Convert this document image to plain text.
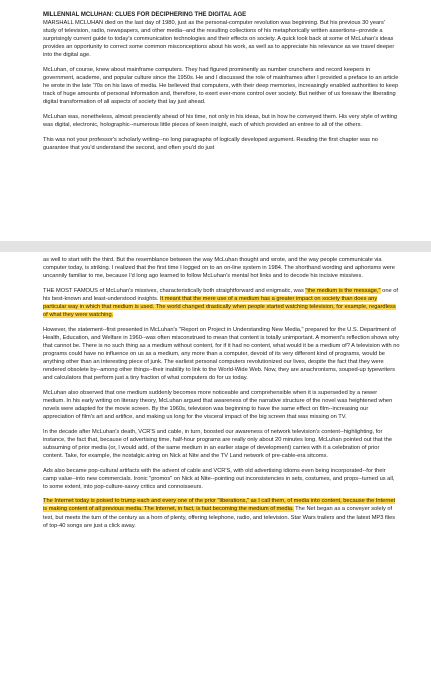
MILLENNIAL MCLUHAN: CLUES FOR DECIPHERING THE DIGITAL AGE

MARSHALL MCLUHAN died on the last day of 1980, just as the personal-computer revolution was beginning. But his previous 30 years' study of television, radio, newspapers, and other media--and the resulting collections of his metaphorically written assertions--provide a surprisingly current guide to today's communication technologies and their effects on society. A quick look back at some of McLuhan's ideas provides an opportunity to correct some common misconceptions about his work, as well as to appreciate his relevance as we travel deeper into the digital age.

McLuhan, of course, knew about mainframe computers. They had figured prominently as number crunchers and record keepers in government, academe, and popular culture since the 1950s. He and I discussed the role of mainframes after I provided a preface to an article he wrote in the late '70s on his laws of media. He believed that computers, with their deep memories, increasingly enabled authorities to keep track of huge amounts of personal information and, therefore, to exert ever-more control over society. But neither of us foresaw the liberating digital transformation of all aspects of society that lay just ahead.

McLuhan was, nonetheless, almost presciently ahead of his time, not only in his ideas, but in how he conveyed them. His very style of writing was digital, electronic, holographic--numerous little pieces of keen insight, each of which provided an entree to all of the others.

This was not your professor's scholarly writing--no long paragraphs of logically developed argument. Reading the first chapter was no guarantee that you'd understand the second, and often you'd do just

as well to start with the third. But the resemblance between the way McLuhan thought and wrote, and the way people communicate via computer today, is striking. I realized that the first time I logged on to an on-line system in 1984. The shorthand wording and aphorisms were uncannily familiar to me, because I'd long ago learned to follow McLuhan's mental hot links and to decode his incisive missives.

THE MOST FAMOUS of McLuhan's missives, characteristically both straightforward and enigmatic, was "the medium is the message," one of his best-known and least-understood insights. It meant that the mere use of a medium has a greater impact on society than does any particular way in which that medium is used. The world changed drastically when people started watching television, for example, regardless of what they were watching.

However, the statement--first presented in McLuhan's "Report on Project in Understanding New Media," prepared for the U.S. Department of Health, Education, and Welfare in 1960--was often misconstrued to mean that content is totally unimportant. A moment's reflection shows why that cannot be. There is no such thing as a medium without content, for if it had no content, what would it be a medium of? A television with no programs could have no influence on us as a medium, any more than a computer, devoid of its very different kind of programs, would be anything other than an interesting piece of junk. The earliest personal computers revolutionized our lives, despite the fact that they were rendered obsolete by--among other things--their inability to link to the World-Wide Web. Now, they are anachronisms, souped-up typewriters and calculators that perform just a tiny fraction of what computers do for us today.

McLuhan also observed that one medium suddenly becomes more noticeable and comprehensible when it is superseded by a newer medium. In his early writing on literary theory, McLuhan argued that awareness of the narrative structure of the novel was heightened when novels were adapted for the movie screen. By the 1960s, television was beginning to have the same effect on film--increasing our appreciation of film's art and artifice, and making us long for the visceral impact of the big screen that was missing on TV.

In the decade after McLuhan's death, VCR'S and cable, in turn, boosted our awareness of network television's content--highlighting, for instance, the fact that, because of advertising time, half-hour programs are really only about 20 minutes long. McLuhan pointed out that the subsuming of prior media (or, I would add, of the same medium in an earlier stage of development) carries with it a celebration of prior content. Take, for example, the nostalgic airing on Nick at Nite and the TV Land network of pre-cable-era sitcoms.

Ads also became pop-cultural artifacts with the advent of cable and VCR'S, with old advertising idioms even being incorporated--for their camp value--into new commercials. Ironic "promos" on Nick at Nite--pointing out inconsistencies in sets, costumes, and props--turned us all, to some extent, into pop-culture-savvy critics and connoisseurs.

The Internet today is poised to trump each and every one of the prior "liberations," as I call them, of media into content, because the Internet is making content of all previous media. The Internet, in fact, is fast becoming the medium of media. The Net began as a conveyer solely of text, but meets the turn of the century as a horn of plenty, offering telephone, radio, and television. Star Wars trailers and the latest MP3 files of top-40 songs are just a click away.
